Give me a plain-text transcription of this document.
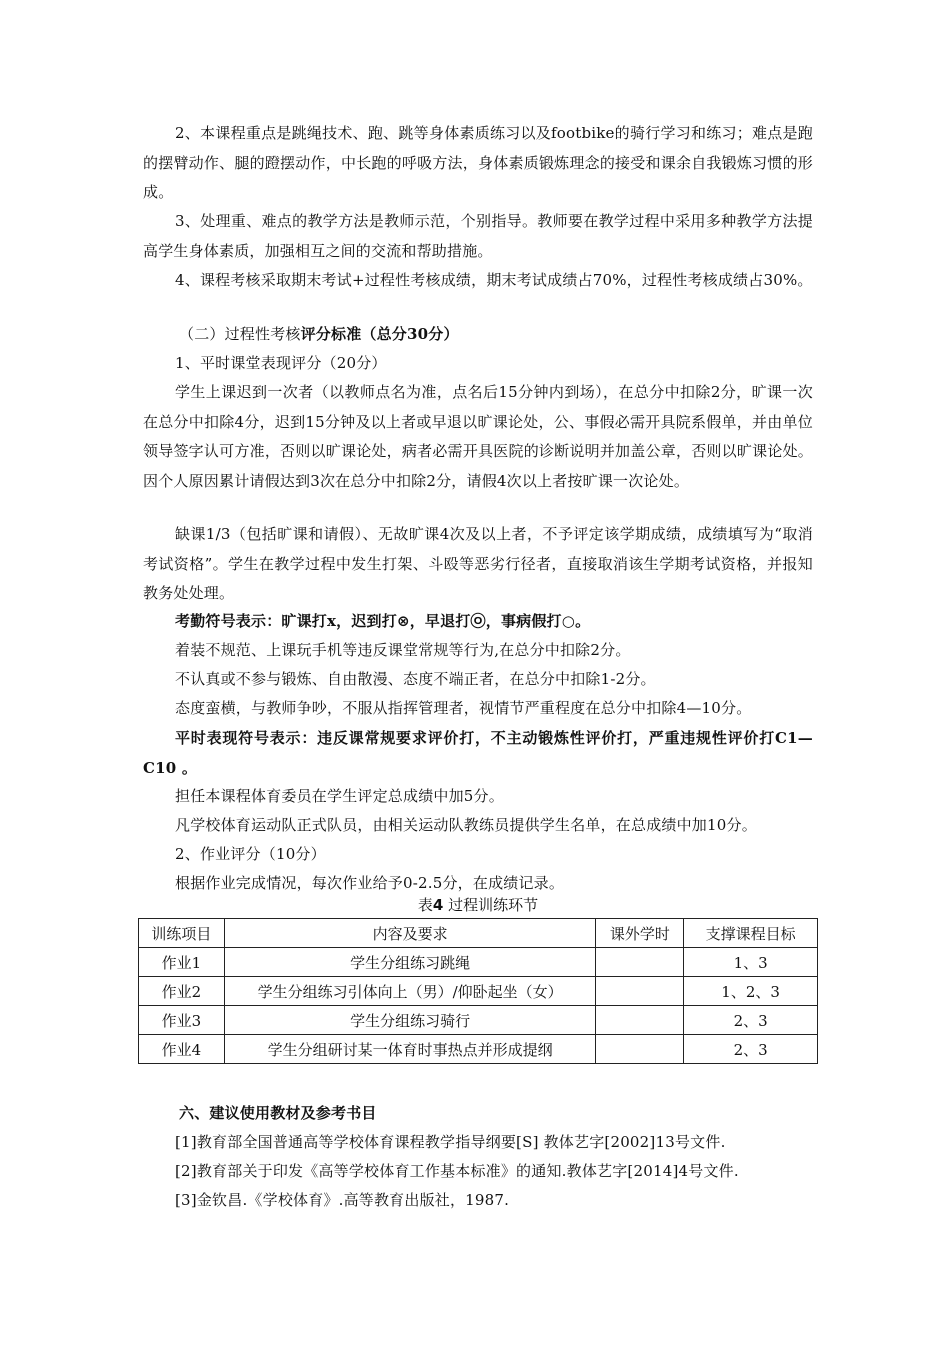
2、本课程重点是跳绳技术、跑、跳等身体素质练习以及footbike的骑行学习和练习；难点是跑的摆臂动作、腿的蹬摆动作，中长跑的呼吸方法，身体素质锻炼理念的接受和课余自我锻炼习惯的形成。

3、处理重、难点的教学方法是教师示范，个别指导。教师要在教学过程中采用多种教学方法提高学生身体素质，加强相互之间的交流和帮助措施。

4、课程考核采取期末考试+过程性考核成绩，期末考试成绩占70%，过程性考核成绩占30%。

（二）过程性考核评分标准（总分30分）

1、平时课堂表现评分（20分）

学生上课迟到一次者（以教师点名为准，点名后15分钟内到场），在总分中扣除2分，旷课一次在总分中扣除4分，迟到15分钟及以上者或早退以旷课论处，公、事假必需开具院系假单，并由单位领导签字认可方准，否则以旷课论处，病者必需开具医院的诊断说明并加盖公章，否则以旷课论处。因个人原因累计请假达到3次在总分中扣除2分，请假4次以上者按旷课一次论处。

缺课1/3（包括旷课和请假）、无故旷课4次及以上者，不予评定该学期成绩，成绩填写为“取消考试资格”。学生在教学过程中发生打架、斗殴等恶劣行径者，直接取消该生学期考试资格，并报知教务处处理。

考勤符号表示：旷课打x，迟到打⊗，早退打㉧，事病假打○。

着装不规范、上课玩手机等违反课堂常规等行为,在总分中扣除2分。

不认真或不参与锻炼、自由散漫、态度不端正者，在总分中扣除1-2分。

态度蛮横，与教师争吵，不服从指挥管理者，视情节严重程度在总分中扣除4—10分。

平时表现符号表示：违反课常规要求评价打，不主动锻炼性评价打，严重违规性评价打C1—C10 。

担任本课程体育委员在学生评定总成绩中加5分。

凡学校体育运动队正式队员，由相关运动队教练员提供学生名单，在总成绩中加10分。

2、作业评分（10分）

根据作业完成情况，每次作业给予0-2.5分，在成绩记录。

表4 过程训练环节
训练项目	内容及要求	课外学时	支撑课程目标
作业1	学生分组练习跳绳		1、3
作业2	学生分组练习引体向上（男）/仰卧起坐（女）		1、2、3
作业3	学生分组练习骑行		2、3
作业4	学生分组研讨某一体育时事热点并形成提纲		2、3

六、建议使用教材及参考书目

[1]教育部全国普通高等学校体育课程教学指导纲要[S] 教体艺字[2002]13号文件.

[2]教育部关于印发《高等学校体育工作基本标准》的通知.教体艺字[2014]4号文件.

[3]金钦昌.《学校体育》.高等教育出版社，1987.
